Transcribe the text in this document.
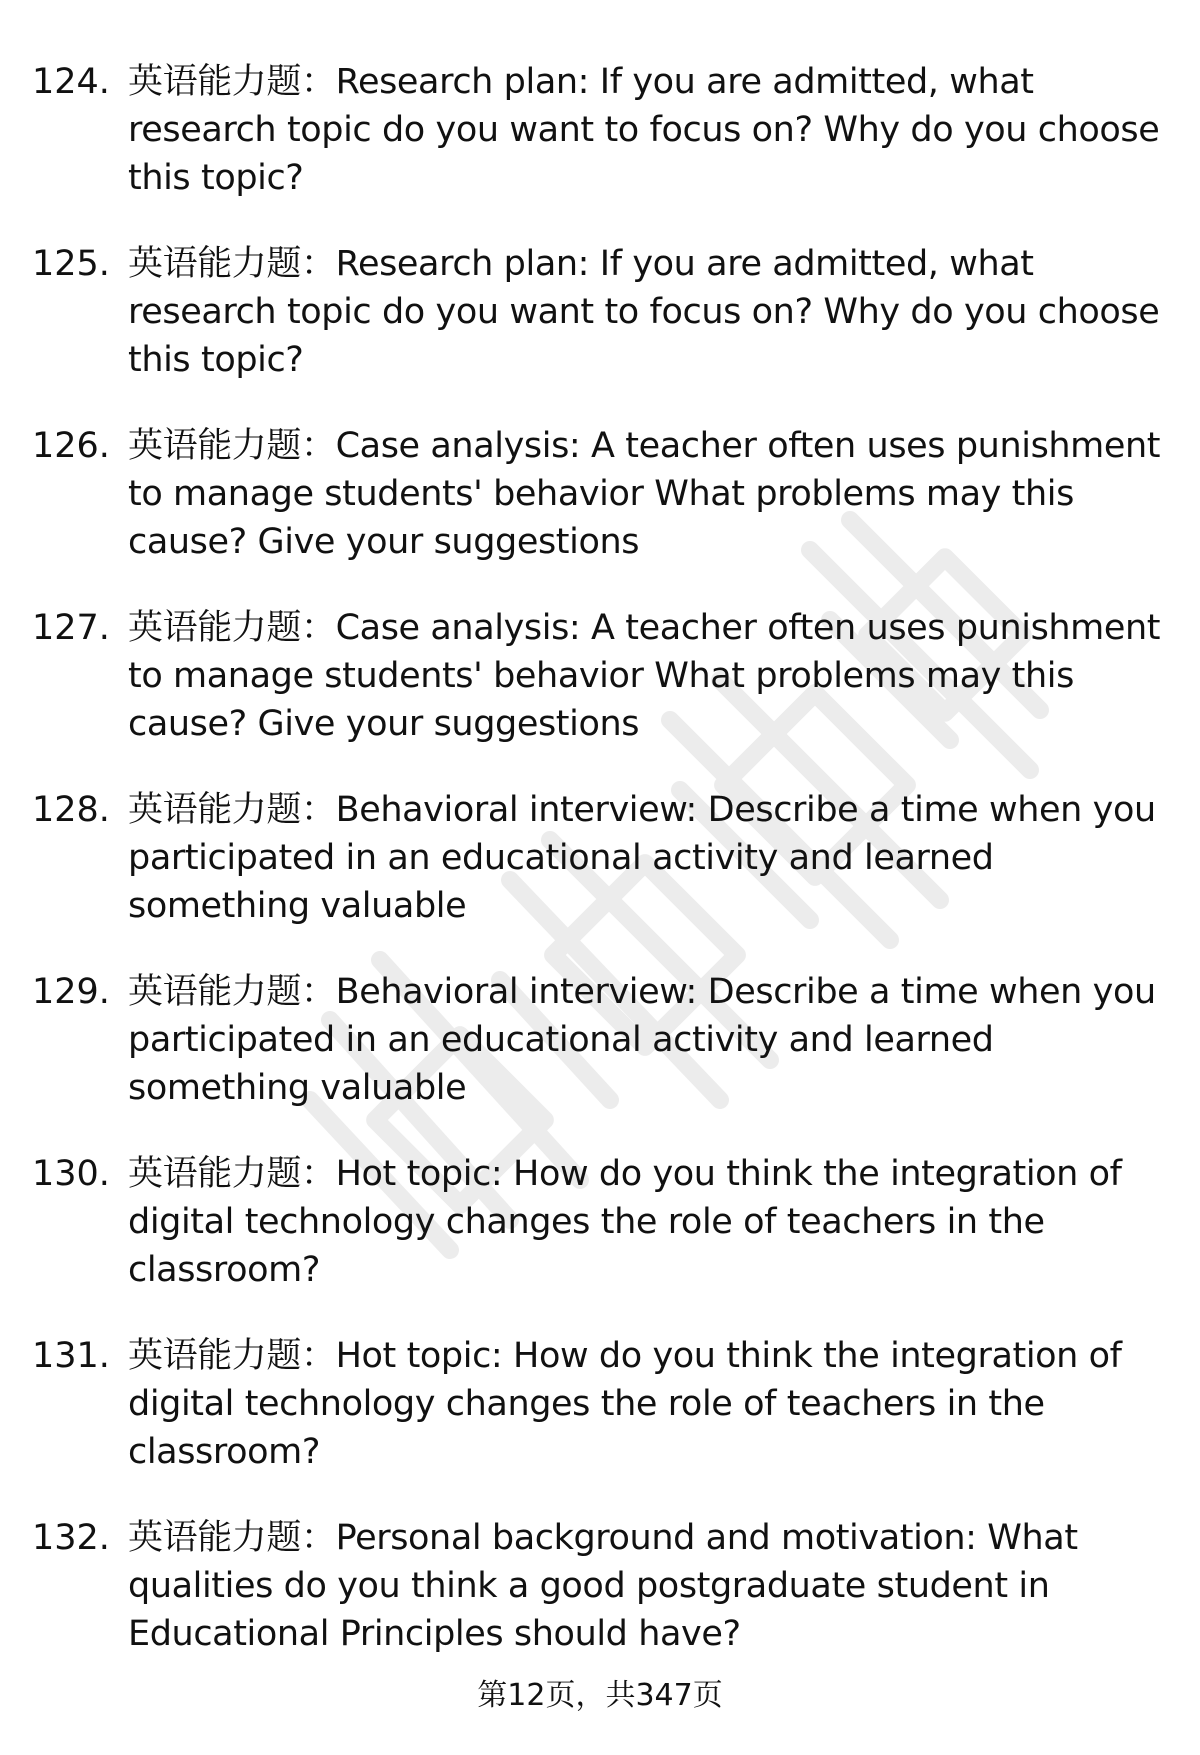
124. 英语能力题：Research plan: If you are admitted, what research topic do you want to focus on? Why do you choose this topic?
125. 英语能力题：Research plan: If you are admitted, what research topic do you want to focus on? Why do you choose this topic?
126. 英语能力题：Case analysis: A teacher often uses punishment to manage students' behavior What problems may this cause? Give your suggestions
127. 英语能力题：Case analysis: A teacher often uses punishment to manage students' behavior What problems may this cause? Give your suggestions
128. 英语能力题：Behavioral interview: Describe a time when you participated in an educational activity and learned something valuable
129. 英语能力题：Behavioral interview: Describe a time when you participated in an educational activity and learned something valuable
130. 英语能力题：Hot topic: How do you think the integration of digital technology changes the role of teachers in the classroom?
131. 英语能力题：Hot topic: How do you think the integration of digital technology changes the role of teachers in the classroom?
132. 英语能力题：Personal background and motivation: What qualities do you think a good postgraduate student in Educational Principles should have?
第12页，共347页
